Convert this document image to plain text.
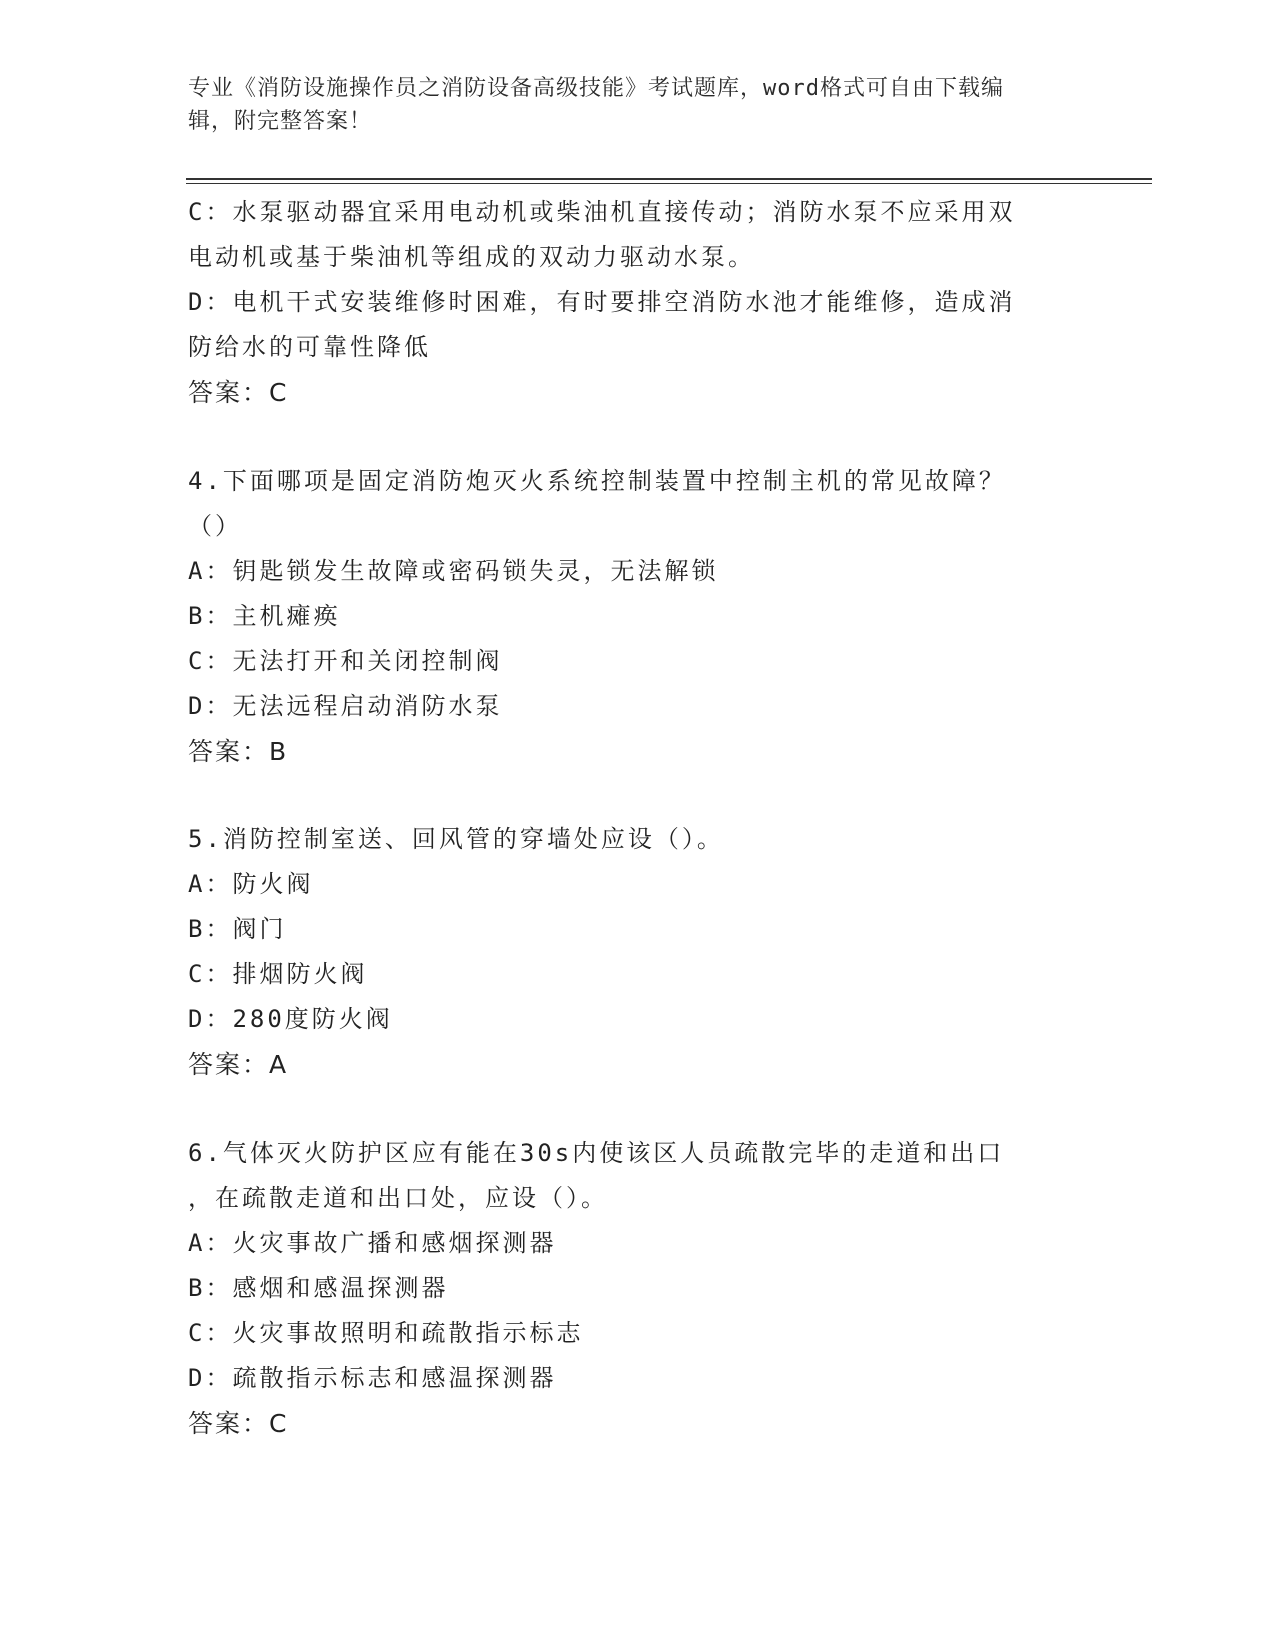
专业《消防设施操作员之消防设备高级技能》考试题库，word格式可自由下载编
辑，附完整答案！
C：水泵驱动器宜采用电动机或柴油机直接传动；消防水泵不应采用双
电动机或基于柴油机等组成的双动力驱动水泵。
D：电机干式安装维修时困难，有时要排空消防水池才能维修，造成消
防给水的可靠性降低
答案：C
4.下面哪项是固定消防炮灭火系统控制装置中控制主机的常见故障？
（）
A：钥匙锁发生故障或密码锁失灵，无法解锁
B：主机瘫痪
C：无法打开和关闭控制阀
D：无法远程启动消防水泵
答案：B
5.消防控制室送、回风管的穿墙处应设（）。
A：防火阀
B：阀门
C：排烟防火阀
D：280度防火阀
答案：A
6.气体灭火防护区应有能在30s内使该区人员疏散完毕的走道和出口
，在疏散走道和出口处，应设（）。
A：火灾事故广播和感烟探测器
B：感烟和感温探测器
C：火灾事故照明和疏散指示标志
D：疏散指示标志和感温探测器
答案：C
